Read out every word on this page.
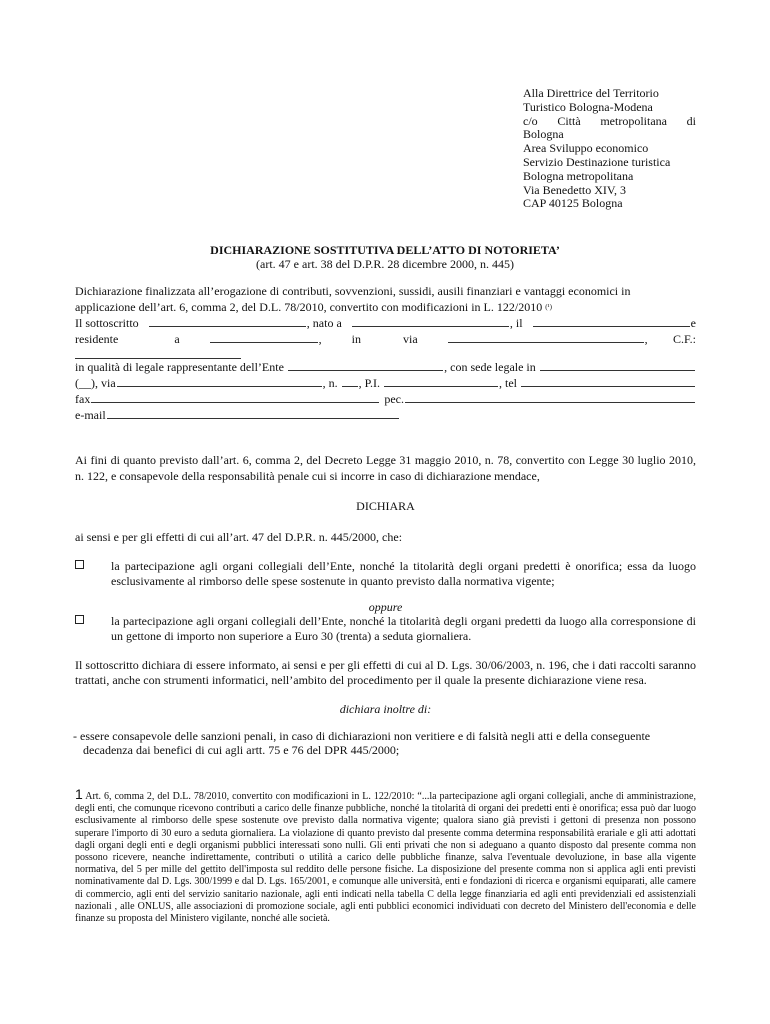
Alla Direttrice del Territorio
Turistico Bologna-Modena
c/o Città metropolitana di
Bologna
Area Sviluppo economico
Servizio Destinazione turistica
Bologna metropolitana
Via Benedetto XIV, 3
CAP 40125 Bologna
DICHIARAZIONE SOSTITUTIVA DELL’ATTO DI NOTORIETA’
(art. 47 e art. 38 del D.P.R. 28 dicembre 2000, n. 445)
Dichiarazione finalizzata all’erogazione di contributi, sovvenzioni, sussidi, ausili finanziari e vantaggi economici in
applicazione dell’art. 6, comma 2, del D.L. 78/2010, convertito con modificazioni in L. 122/2010
(¹)
Il sottoscritto	, nato a	, il	e
residente	a	,	in	via	, C.F.:
in qualità di legale rappresentante dell’Ente	, con sede legale in
(__), via	, n. , P.I.	, tel
fax	pec.
e-mail
Ai fini di quanto previsto dall’art. 6, comma 2, del Decreto Legge 31 maggio 2010, n. 78, convertito con Legge 30 luglio 2010, n. 122, e consapevole della responsabilità penale cui si incorre in caso di dichiarazione mendace,
DICHIARA
ai sensi e per gli effetti di cui all’art. 47 del D.P.R. n. 445/2000, che:
la partecipazione agli organi collegiali dell’Ente, nonché la titolarità degli organi predetti è onorifica; essa da luogo esclusivamente al rimborso delle spese sostenute in quanto previsto dalla normativa vigente;
oppure
la partecipazione agli organi collegiali dell’Ente, nonché la titolarità degli organi predetti da luogo alla corresponsione di un gettone di importo non superiore a Euro 30 (trenta) a seduta giornaliera.
Il sottoscritto dichiara di essere informato, ai sensi e per gli effetti di cui al D. Lgs. 30/06/2003, n. 196, che i dati raccolti saranno trattati, anche con strumenti informatici, nell’ambito del procedimento per il quale la presente dichiarazione viene resa.
dichiara inoltre di:
- essere consapevole delle sanzioni penali, in caso di dichiarazioni non veritiere e di falsità negli atti e della conseguente
decadenza dai benefici di cui agli artt. 75 e 76 del DPR 445/2000;
1 Art. 6, comma 2, del D.L. 78/2010, convertito con modificazioni in L. 122/2010: “...la partecipazione agli organi collegiali, anche di amministrazione, degli enti, che comunque ricevono contributi a carico delle finanze pubbliche, nonché la titolarità di organi dei predetti enti è onorifica; essa può dar luogo esclusivamente al rimborso delle spese sostenute ove previsto dalla normativa vigente; qualora siano già previsti i gettoni di presenza non possono superare l'importo di 30 euro a seduta giornaliera. La violazione di quanto previsto dal presente comma determina responsabilità erariale e gli atti adottati dagli organi degli enti e degli organismi pubblici interessati sono nulli. Gli enti privati che non si adeguano a quanto disposto dal presente comma non possono ricevere, neanche indirettamente, contributi o utilità a carico delle pubbliche finanze, salva l'eventuale devoluzione, in base alla vigente normativa, del 5 per mille del gettito dell'imposta sul reddito delle persone fisiche. La disposizione del presente comma non si applica agli enti previsti nominativamente dal D. Lgs. 300/1999 e dal D. Lgs. 165/2001, e comunque alle università, enti e fondazioni di ricerca e organismi equiparati, alle camere di commercio, agli enti del servizio sanitario nazionale, agli enti indicati nella tabella C della legge finanziaria ed agli enti previdenziali ed assistenziali nazionali , alle ONLUS, alle associazioni di promozione sociale, agli enti pubblici economici individuati con decreto del Ministero dell'economia e delle finanze su proposta del Ministero vigilante, nonché alle società.
